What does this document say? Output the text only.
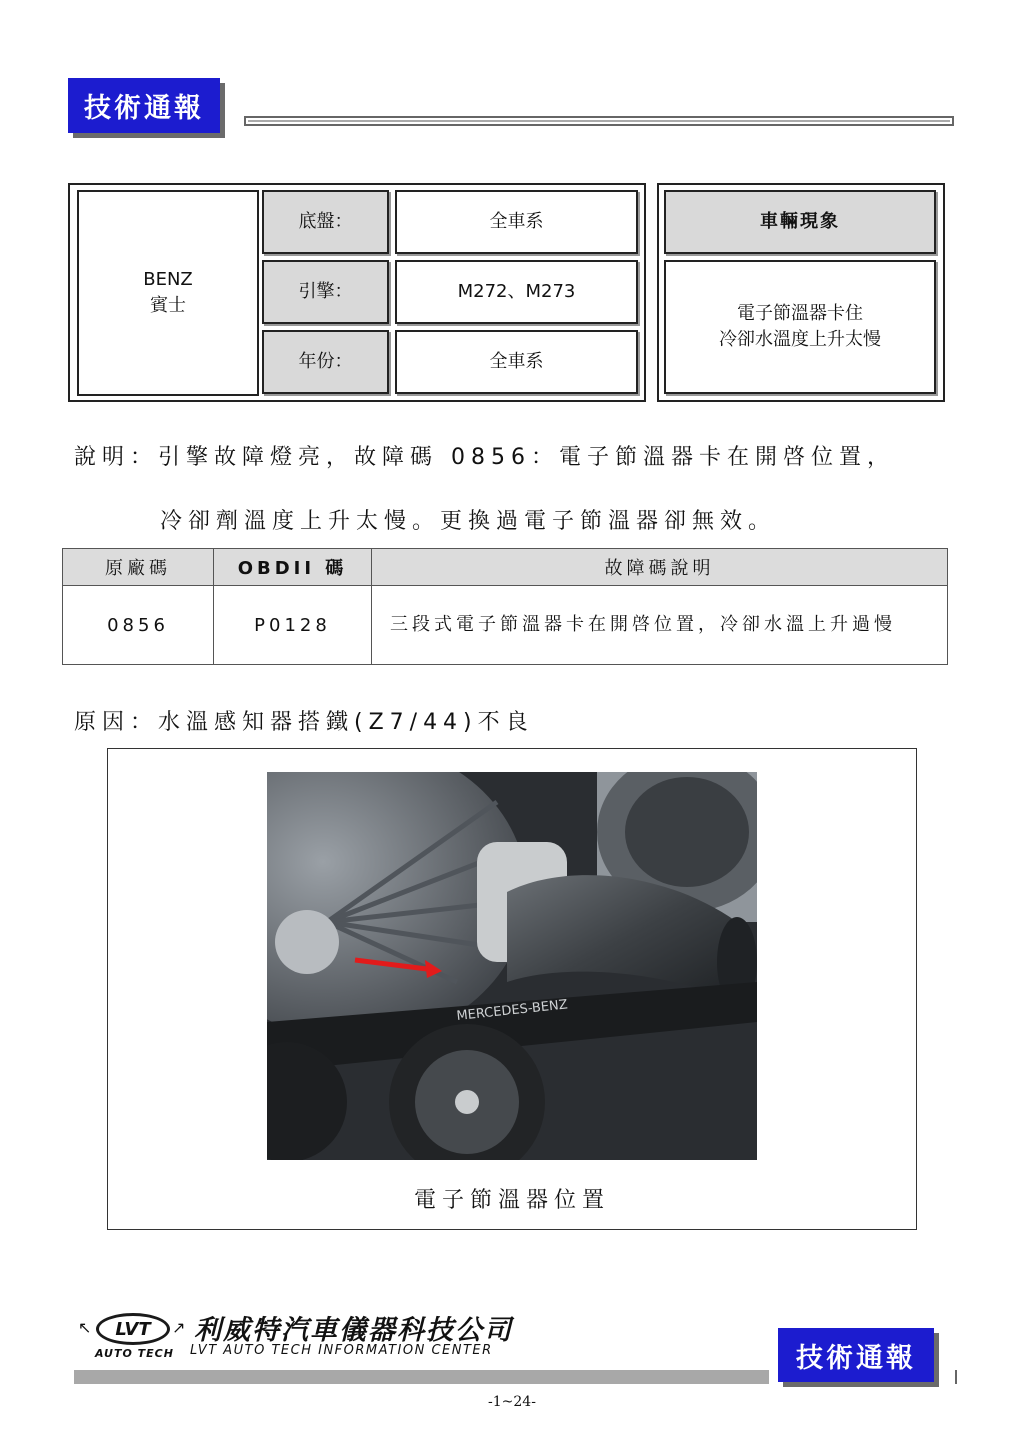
技術通報
BENZ
賓士
底盤：	全車系
引擎：	M272、M273
年份：	全車系
車輛現象
電子節溫器卡住
冷卻水溫度上升太慢
說明：引擎故障燈亮，故障碼 0856：電子節溫器卡在開啓位置，
冷卻劑溫度上升太慢。更換過電子節溫器卻無效。
原廠碼	OBDII 碼	故障碼說明
0856	P0128	三段式電子節溫器卡在開啓位置，冷卻水溫上升過慢
原因：水溫感知器搭鐵(Z7/44)不良
MERCEDES-BENZ
電子節溫器位置
↖	LVT	↗
AUTO TECH
利威特汽車儀器科技公司
LVT AUTO TECH INFORMATION CENTER	技術通報
-1~24-
